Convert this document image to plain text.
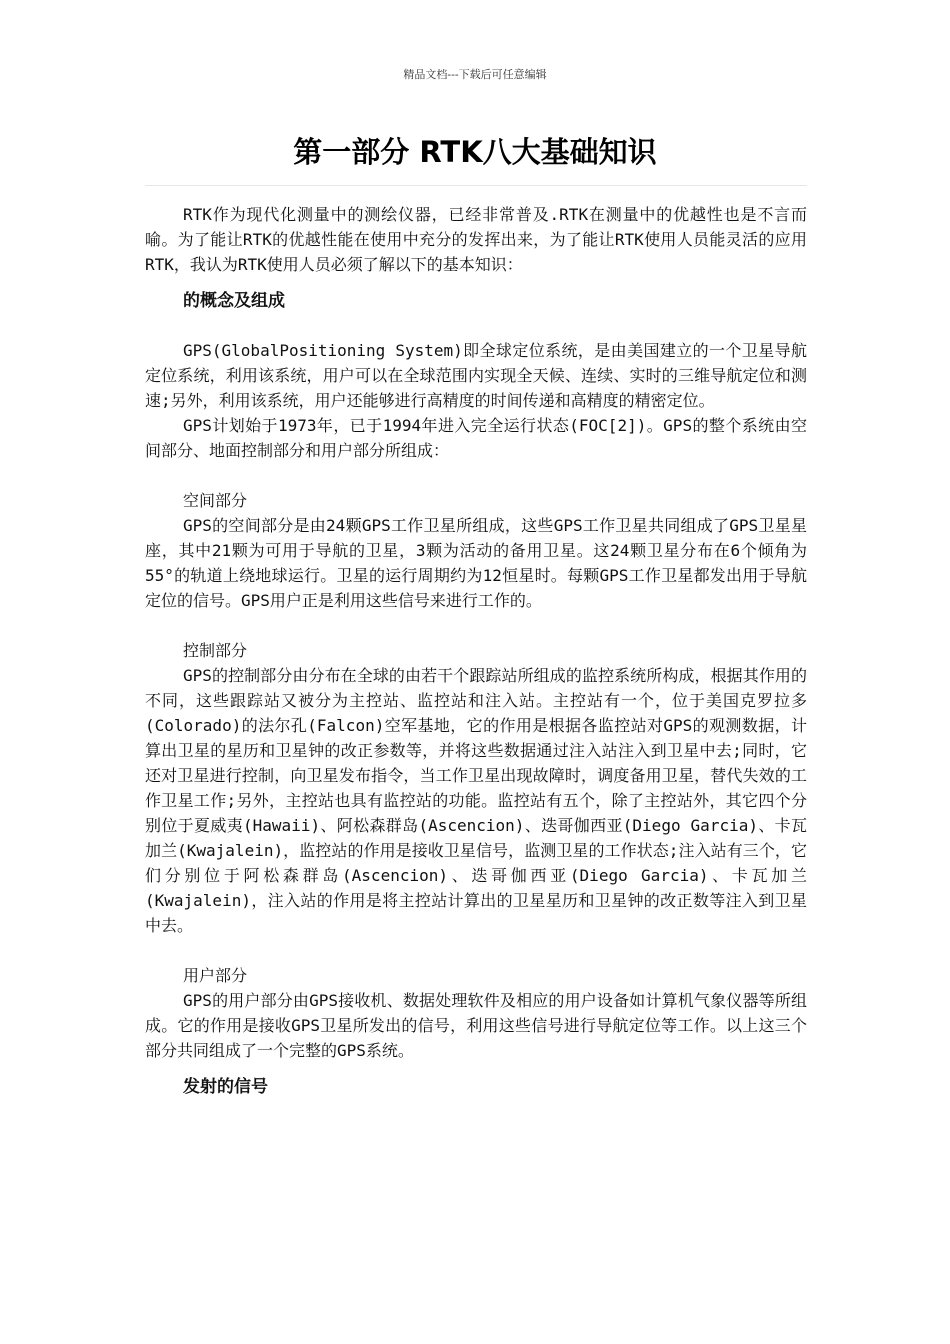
精品文档---下载后可任意编辑
第一部分 RTK八大基础知识

RTK作为现代化测量中的测绘仪器，已经非常普及.RTK在测量中的优越性也是不言而喻。为了能让RTK的优越性能在使用中充分的发挥出来，为了能让RTK使用人员能灵活的应用RTK，我认为RTK使用人员必须了解以下的基本知识：

的概念及组成

GPS(GlobalPositioning System)即全球定位系统，是由美国建立的一个卫星导航定位系统，利用该系统，用户可以在全球范围内实现全天候、连续、实时的三维导航定位和测速;另外，利用该系统，用户还能够进行高精度的时间传递和高精度的精密定位。

GPS计划始于1973年，已于1994年进入完全运行状态(FOC[2])。GPS的整个系统由空间部分、地面控制部分和用户部分所组成：

空间部分

GPS的空间部分是由24颗GPS工作卫星所组成，这些GPS工作卫星共同组成了GPS卫星星座，其中21颗为可用于导航的卫星，3颗为活动的备用卫星。这24颗卫星分布在6个倾角为55°的轨道上绕地球运行。卫星的运行周期约为12恒星时。每颗GPS工作卫星都发出用于导航定位的信号。GPS用户正是利用这些信号来进行工作的。

控制部分

GPS的控制部分由分布在全球的由若干个跟踪站所组成的监控系统所构成，根据其作用的不同，这些跟踪站又被分为主控站、监控站和注入站。主控站有一个，位于美国克罗拉多(Colorado)的法尔孔(Falcon)空军基地，它的作用是根据各监控站对GPS的观测数据，计算出卫星的星历和卫星钟的改正参数等，并将这些数据通过注入站注入到卫星中去;同时，它还对卫星进行控制，向卫星发布指令，当工作卫星出现故障时，调度备用卫星，替代失效的工作卫星工作;另外，主控站也具有监控站的功能。监控站有五个，除了主控站外，其它四个分别位于夏威夷(Hawaii)、阿松森群岛(Ascencion)、迭哥伽西亚(Diego Garcia)、卡瓦加兰(Kwajalein)，监控站的作用是接收卫星信号，监测卫星的工作状态;注入站有三个，它们分别位于阿松森群岛(Ascencion)、迭哥伽西亚(Diego Garcia)、卡瓦加兰(Kwajalein)，注入站的作用是将主控站计算出的卫星星历和卫星钟的改正数等注入到卫星中去。

用户部分

GPS的用户部分由GPS接收机、数据处理软件及相应的用户设备如计算机气象仪器等所组成。它的作用是接收GPS卫星所发出的信号，利用这些信号进行导航定位等工作。以上这三个部分共同组成了一个完整的GPS系统。

发射的信号
